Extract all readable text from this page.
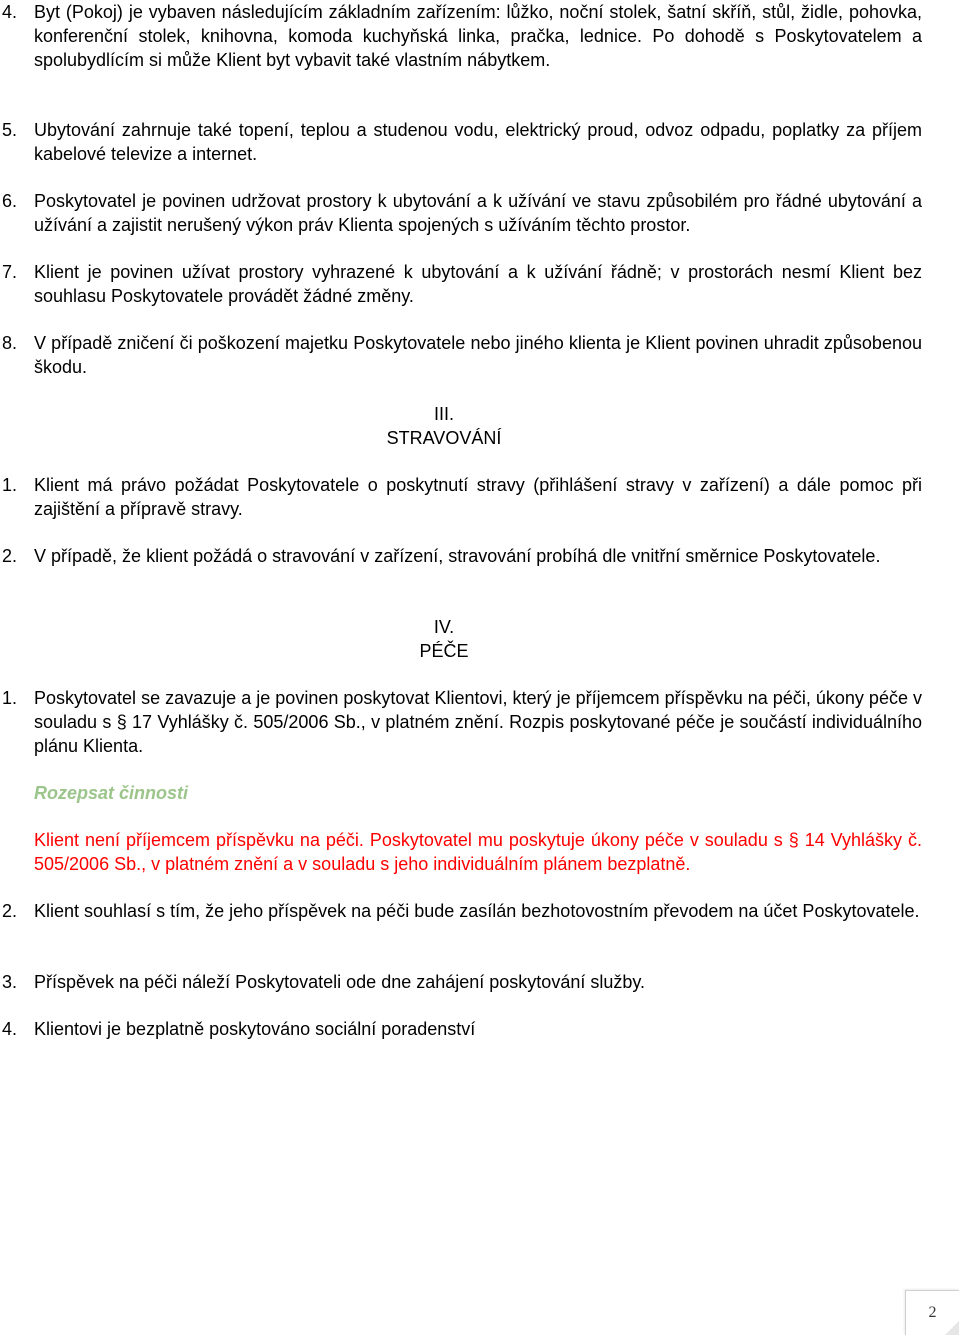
4. Byt (Pokoj) je vybaven následujícím základním zařízením: lůžko, noční stolek, šatní skříň, stůl, židle, pohovka, konferenční stolek, knihovna, komoda kuchyňská linka, pračka, lednice. Po dohodě s Poskytovatelem a spolubydlícím si může Klient byt vybavit také vlastním nábytkem.
5. Ubytování zahrnuje také topení, teplou a studenou vodu, elektrický proud, odvoz odpadu, poplatky za příjem kabelové televize a internet.
6. Poskytovatel je povinen udržovat prostory k ubytování a k užívání ve stavu způsobilém pro řádné ubytování a užívání a zajistit nerušený výkon práv Klienta spojených s užíváním těchto prostor.
7. Klient je povinen užívat prostory vyhrazené k ubytování a k užívání řádně; v prostorách nesmí Klient bez souhlasu Poskytovatele provádět žádné změny.
8. V případě zničení či poškození majetku Poskytovatele nebo jiného klienta je Klient povinen uhradit způsobenou škodu.
III.
STRAVOVÁNÍ
1. Klient má právo požádat Poskytovatele o poskytnutí stravy (přihlášení stravy v zařízení) a dále pomoc při zajištění a přípravě stravy.
2. V případě, že klient požádá o stravování v zařízení, stravování probíhá dle vnitřní směrnice Poskytovatele.
IV.
PÉČE
1. Poskytovatel se zavazuje a je povinen poskytovat Klientovi, který je příjemcem příspěvku na péči, úkony péče v souladu s § 17 Vyhlášky č. 505/2006 Sb., v platném znění. Rozpis poskytované péče je součástí individuálního plánu Klienta.
Rozepsat činnosti
Klient není příjemcem příspěvku na péči. Poskytovatel mu poskytuje úkony péče v souladu s § 14 Vyhlášky č. 505/2006 Sb., v platném znění a v souladu s jeho individuálním plánem bezplatně.
2. Klient souhlasí s tím, že jeho příspěvek na péči bude zasílán bezhotovostním převodem na účet Poskytovatele.
3. Příspěvek na péči náleží Poskytovateli ode dne zahájení poskytování služby.
4. Klientovi je bezplatně poskytováno sociální poradenství
2
